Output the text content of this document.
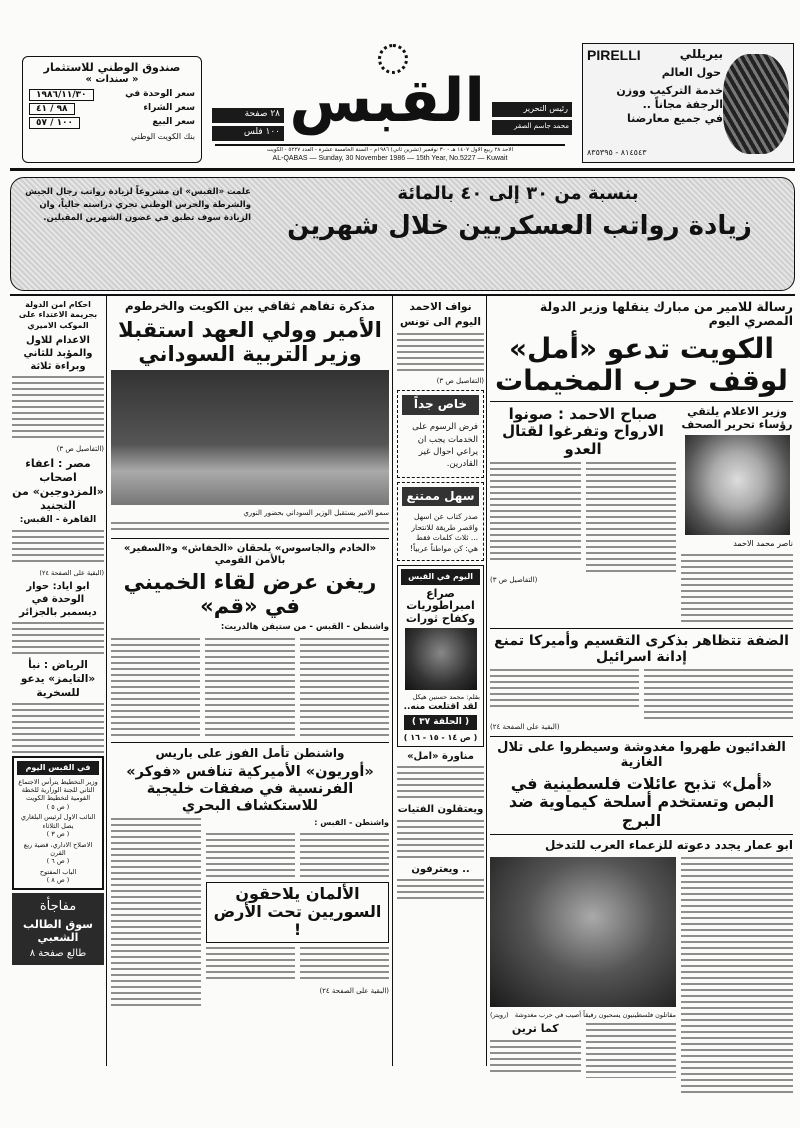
صندوق الوطني للاستثمار
« سندات »
سعر الوحدة في
١٩٨٦/١١/٣٠
سعر الشراء
٩٨ / ٤١
سعر البيع
١٠٠ / ٥٧
بنك الكويت الوطني
٢٨ صفحة
١٠٠ فلس القبس	رئيس التحرير
محمد جاسم الصقر
PIRELLI	بيريللي
حول العالم
خدمة التركيب ووزن
الرجفة مجاناً ..
في جميع معارضنا
٨١٤٥٤٣ - ٨٣٥٣٩٥
الاحد ٢٨ ربيع الاول ١٤٠٧ هـ - ٣٠ نوفمبر (تشرين ثاني) ١٩٨٦م - السنة الخامسة عشرة - العدد ٥٢٢٧ - الكويت
AL-QABAS — Sunday, 30 November 1986 — 15th Year, No.5227 — Kuwait
بنسبة من ٣٠ إلى ٤٠ بالمائة
زيادة رواتب العسكريين خلال شهرين
علمت «القبس» ان مشروعاً لزيادة رواتب رجال الجيش والشرطة والحرس الوطني تجري دراسته حالياً، وان الزيادة سوف تطبق في غضون الشهرين المقبلين.
رسالة للامير من مبارك ينقلها وزير الدولة المصري اليوم
الكويت تدعو «أمل» لوقف حرب المخيمات
وزير الاعلام يلتقي رؤساء تحرير الصحف
ناصر محمد الاحمد
صباح الاحمد : صونوا الارواح وتفرغوا لقتال العدو
(التفاصيل ص ٣)
الضفة تتظاهر بذكرى التقسيم وأميركا تمنع إدانة اسرائيل
(البقية على الصفحة ٢٤)
الفدائيون طهروا مغدوشة وسيطروا على تلال الغازية
«أمل» تذبح عائلات فلسطينية في البص وتستخدم أسلحة كيماوية ضد البرج
ابو عمار يجدد دعوته للزعماء العرب للتدخل
مقاتلون فلسطينيون يسحبون رفيقاً أصيب في حرب مغدوشة
(رويتر)
كما ترين
نواف الاحمد اليوم الى تونس
(التفاصيل ص ٣)
خاص جداً
فرض الرسوم على الخدمات يجب ان يراعي احوال غير القادرين.
سهل ممتنع
صدر كتاب عن اسهل واقصر طريقة للانتحار ... ثلاث كلمات فقط هي: كن مواطناً عربياً!
اليوم في القبس
صراع امبراطوريات وكفاح ثورات
بقلم: محمد حسنين هيكل
لقد اقتلعت منه..
( الحلقة ٣٧ )
( ص ١٤ - ١٥ - ١٦ )
مناورة «امل»
ويعتقلون الفتيات
.. ويعترفون
مذكرة تفاهم ثقافي بين الكويت والخرطوم
الأمير وولي العهد استقبلا وزير التربية السوداني
سمو الامير يستقبل الوزير السوداني بحضور النوري
«الخادم والجاسوس» يلحقان «الخفاش» و«السفير» بالأمن القومي
ريغن عرض لقاء الخميني في «قم»
واشنطن - القبس - من ستيفن هالدريت:
واشنطن تأمل الفوز على باريس
«أوريون» الأميركية تنافس «فوكر» الفرنسية في صفقات خليجية للاستكشاف البحري
واشنطن - القبس :
الألمان يلاحقون السوريين تحت الأرض !
(البقية على الصفحة ٢٤)
احكام امن الدولة بجريمة الاعتداء على الموكب الاميري
الاعدام للاول والمؤبد للثاني وبراءة ثلاثة
(التفاصيل ص ٣)
مصر : اعفاء اصحاب «المزدوجين» من التجنيد
القاهرة - القبس:
(البقية على الصفحة ٢٤)
ابو اياد: حوار الوحدة في ديسمبر بالجزائر
الرياض : نبأ «التايمز» يدعو للسخرية
في القبس اليوم
وزير التخطيط يترأس الاجتماع الثاني للجنة الوزارية للخطة القومية لتخطيط الكويت
( ص ٥ )
النائب الاول لرئيس البلغاري يصل الثلاثاء
( ص ٣ )
الاصلاح الاداري، قضية ربع القرن
( ص ٦ )
الباب المفتوح
( ص ٨ )
مفاجأة
سوق الطالب الشعبي
طالع صفحة ٨
